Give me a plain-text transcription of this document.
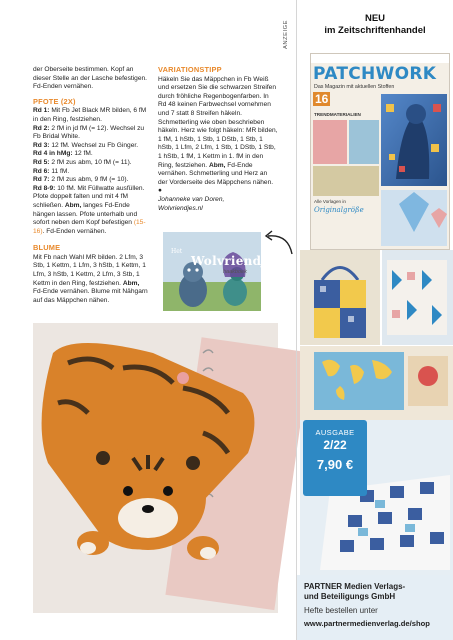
der Oberseite bestimmen. Kopf an dieser Stelle an der Lasche befestigen. Fd-Enden vernähen.

PFOTE (2X)

Rd 1: Mit Fb Jet Black MR bilden, 6 fM in den Ring, festziehen.

Rd 2: 2 fM in jd fM (= 12). Wechsel zu Fb Bridal White.

Rd 3: 12 fM. Wechsel zu Fb Ginger.

Rd 4 in hMg: 12 fM.

Rd 5: 2 fM zus abm, 10 fM (= 11).

Rd 6: 11 fM.

Rd 7: 2 fM zus abm, 9 fM (= 10).

Rd 8-9: 10 fM. Mit Füllwatte ausfüllen. Pfote doppelt falten und mit 4 fM schließen. Abm, langes Fd-Ende hängen lassen. Pfote unterhalb und sofort neben dem Kopf befestigen (15-16). Fd-Enden vernähen.

BLUME

Mit Fb nach Wahl MR bilden. 2 Lfm, 3 Stb, 1 Kettm, 1 Lfm, 3 hStb, 1 Kettm, 1 Lfm, 3 hStb, 1 Kettm, 2 Lfm, 3 Stb, 1 Kettm in den Ring, festziehen. Abm, Fd-Ende vernähen. Blume mit Nähgarn auf das Mäppchen nähen.

VARIATIONSTIPP

Häkeln Sie das Mäppchen in Fb Weiß und ersetzen Sie die schwarzen Streifen durch fröhliche Regenbogenfarben. In Rd 48 keinen Farbwechsel vornehmen und 7 statt 8 Streifen häkeln. Schmetterling wie oben beschrieben häkeln. Herz wie folgt häkeln: MR bilden, 1 fM, 1 hStb, 1 Stb, 1 DStb, 1 Stb, 1 hStb, 1 Lfm, 2 Lfm, 1 Stb, 1 DStb, 1 Stb, 1 hStb, 1 fM, 1 Kettm in 1. fM in den Ring, festziehen. Abm, Fd-Ende vernähen. Schmetterling und Herz an der Vorderseite des Mäppchens nähen. ●

Johanneke van Doren,

Wolvriendjes.nl

Het
Wolvriendjes
haakboek
ANZEIGE
NEU
im Zeitschriftenhandel
PATCHWORK
Das Magazin mit aktuellen Stoffen
16
TRENDMATERIALIEN
Alle Vorlagen in
Originalgröße
AUSGABE
2/22
7,90 €
PARTNER Medien Verlags-
und Beteiligungs GmbH
Hefte bestellen unter
www.partnermedienverlag.de/shop
